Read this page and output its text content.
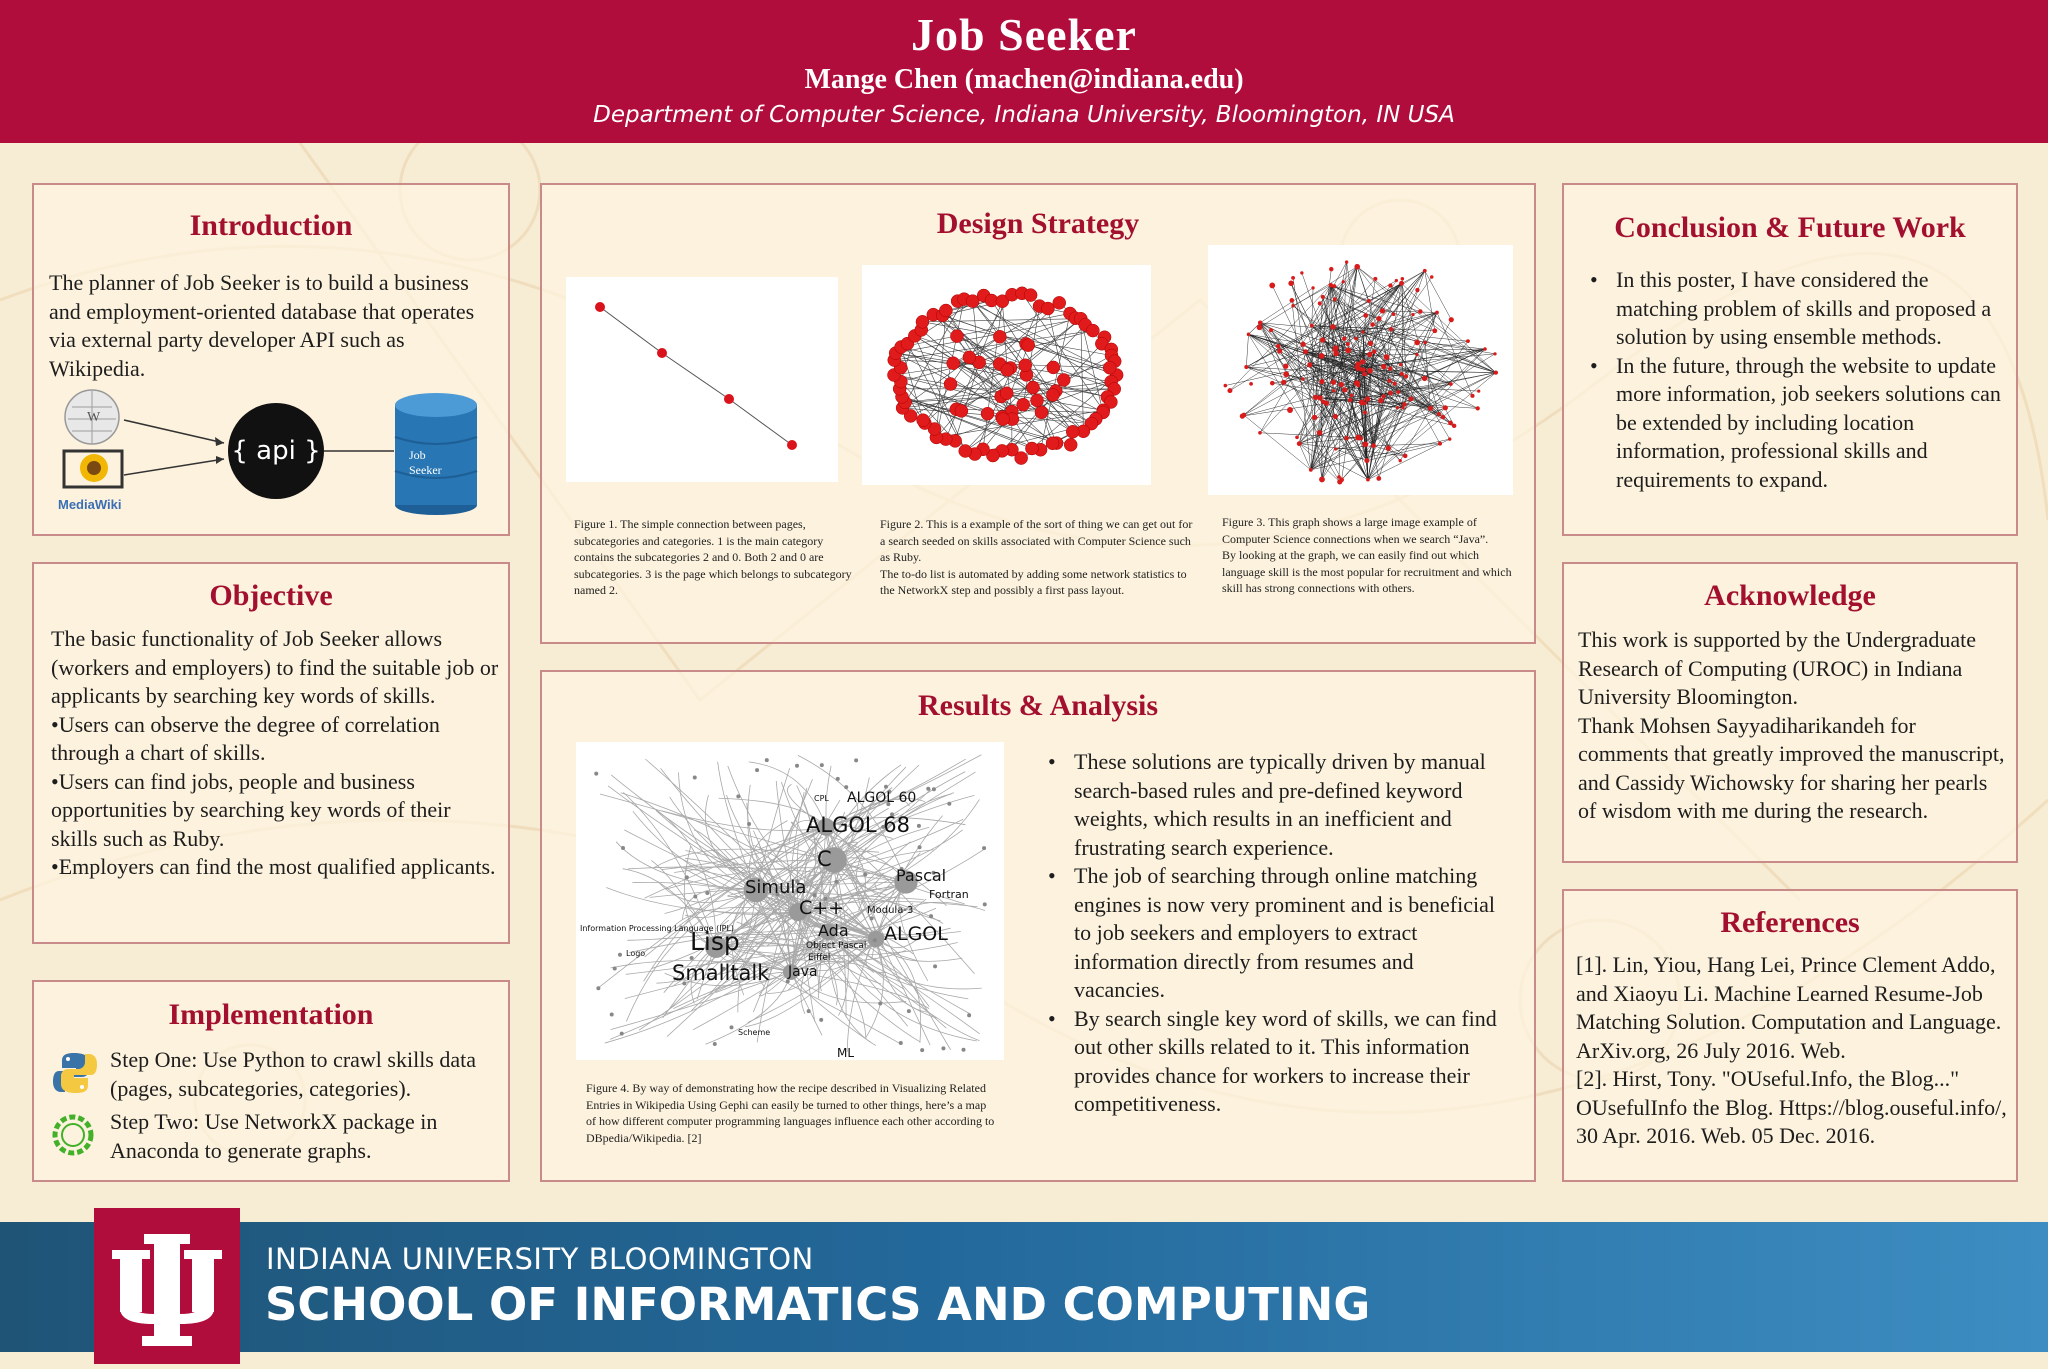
Job Seeker
Mange Chen (machen@indiana.edu)
Department of Computer Science, Indiana University, Bloomington, IN USA
Introduction
The planner of Job Seeker is to build a business and employment-oriented database that operates via external party developer API such as Wikipedia.
W
MediaWiki
{ api }	Job
Seeker
Objective

The basic functionality of Job Seeker allows (workers and employers) to find the suitable job or applicants by searching key words of skills.

•Users can observe the degree of correlation through a chart of skills.

•Users can find jobs, people and business opportunities by searching key words of their skills such as Ruby.

•Employers can find the most qualified applicants.

Implementation
Step One: Use Python to crawl skills data (pages, subcategories, categories).
Step Two: Use NetworkX package in Anaconda to generate graphs.
Design Strategy

Figure 1. The simple connection between pages, subcategories and categories. 1 is the main category contains the subcategories 2 and 0. Both 2 and 0 are subcategories. 3 is the page which belongs to subcategory named 2.

Figure 2. This is a example of the sort of thing we can get out for a search seeded on skills associated with Computer Science such as Ruby.

The to-do list is automated by adding some network statistics to the NetworkX step and possibly a first pass layout.

Figure 3. This graph shows a large image example of Computer Science connections when we search “Java”.

By looking at the graph, we can easily find out which language skill is the most popular for recruitment and which skill has strong connections with others.

Results & Analysis
ALGOL 60
ALGOL 68
C
Pascal
Fortran
Simula
C++ Modula-3
Information Processing Language (IPL)	Ada ALGOL
Lisp	Object Pascal
Eiffel
Logo
Smalltalk Java
Scheme
ML
CPL
Figure 4. By way of demonstrating how the recipe described in Visualizing Related Entries in Wikipedia Using Gephi can easily be turned to other things, here’s a map of how different computer programming languages influence each other according to DBpedia/Wikipedia. [2]
• These solutions are typically driven by manual search-based rules and pre-defined keyword weights, which results in an inefficient and frustrating search experience.
• The job of searching through online matching engines is now very prominent and is beneficial to job seekers and employers to extract information directly from resumes and vacancies.
• By search single key word of skills, we can find out other skills related to it. This information provides chance for workers to increase their competitiveness.
Conclusion & Future Work
• In this poster, I have considered the matching problem of skills and proposed a solution by using ensemble methods.
• In the future, through the website to update more information, job seekers solutions can be extended by including location information, professional skills and requirements to expand.
Acknowledge

This work is supported by the Undergraduate Research of Computing (UROC) in Indiana University Bloomington.

Thank Mohsen Sayyadiharikandeh for comments that greatly improved the manuscript, and Cassidy Wichowsky for sharing her pearls of wisdom with me during the research.

References

[1]. Lin, Yiou, Hang Lei, Prince Clement Addo, and Xiaoyu Li. Machine Learned Resume-Job Matching Solution. Computation and Language. ArXiv.org, 26 July 2016. Web.

[2]. Hirst, Tony. "OUseful.Info, the Blog..." OUsefulInfo the Blog. Https://blog.ouseful.info/, 30 Apr. 2016. Web. 05 Dec. 2016.

INDIANA UNIVERSITY BLOOMINGTON
SCHOOL OF INFORMATICS AND COMPUTING
